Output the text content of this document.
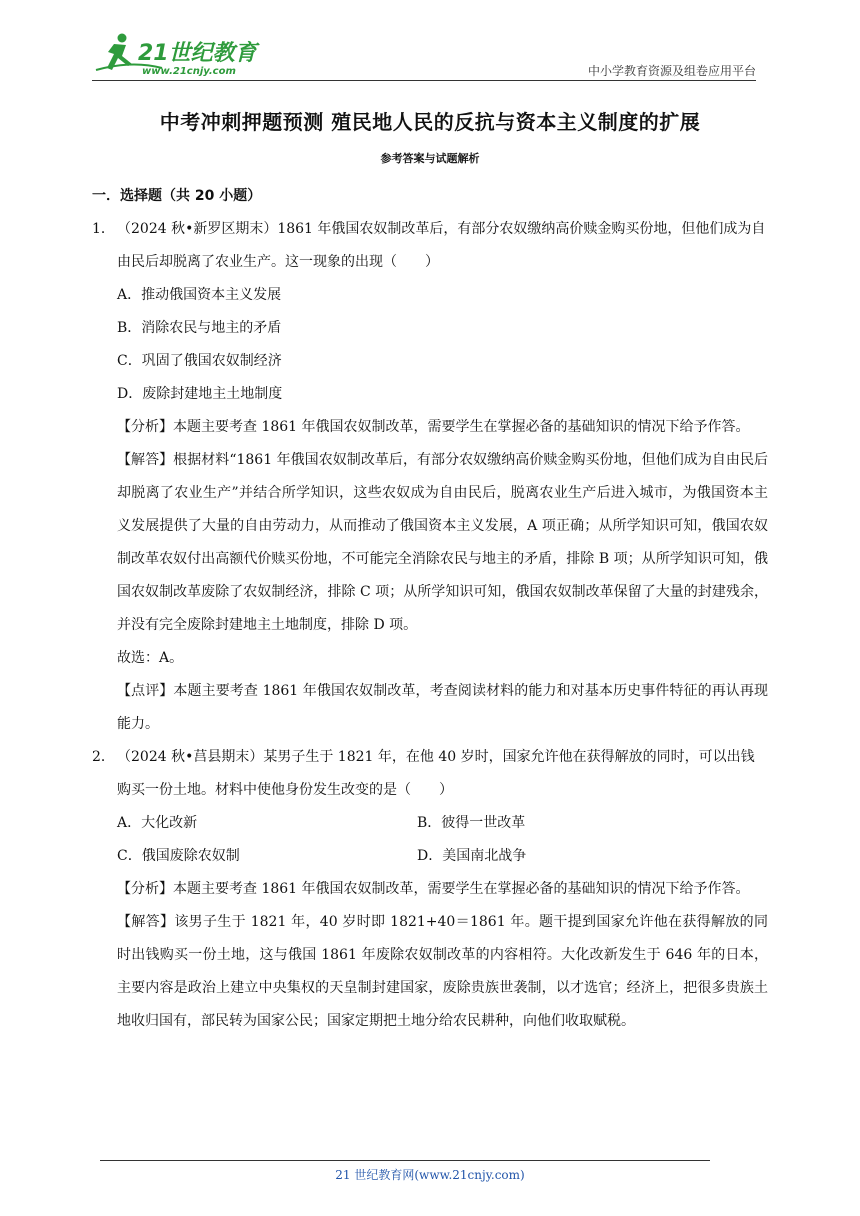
21世纪教育
www.21cnjy.com	中小学教育资源及组卷应用平台
中考冲刺押题预测 殖民地人民的反抗与资本主义制度的扩展
参考答案与试题解析
一．选择题（共 20 小题）
1． （2024 秋•新罗区期末）1861 年俄国农奴制改革后，有部分农奴缴纳高价赎金购买份地，但他们成为自由民后却脱离了农业生产。这一现象的出现（　　）
A．推动俄国资本主义发展
B．消除农民与地主的矛盾
C．巩固了俄国农奴制经济
D．废除封建地主土地制度
【分析】本题主要考查 1861 年俄国农奴制改革，需要学生在掌握必备的基础知识的情况下给予作答。
【解答】根据材料“1861 年俄国农奴制改革后，有部分农奴缴纳高价赎金购买份地，但他们成为自由民后却脱离了农业生产”并结合所学知识，这些农奴成为自由民后，脱离农业生产后进入城市，为俄国资本主义发展提供了大量的自由劳动力，从而推动了俄国资本主义发展，A 项正确；从所学知识可知，俄国农奴制改革农奴付出高额代价赎买份地，不可能完全消除农民与地主的矛盾，排除 B 项；从所学知识可知，俄国农奴制改革废除了农奴制经济，排除 C 项；从所学知识可知，俄国农奴制改革保留了大量的封建残余，并没有完全废除封建地主土地制度，排除 D 项。
故选：A。
【点评】本题主要考查 1861 年俄国农奴制改革，考查阅读材料的能力和对基本历史事件特征的再认再现能力。
2． （2024 秋•莒县期末）某男子生于 1821 年，在他 40 岁时，国家允许他在获得解放的同时，可以出钱购买一份土地。材料中使他身份发生改变的是（　　）
A．大化改新	B．彼得一世改革
C．俄国废除农奴制	D．美国南北战争
【分析】本题主要考查 1861 年俄国农奴制改革，需要学生在掌握必备的基础知识的情况下给予作答。
【解答】该男子生于 1821 年，40 岁时即 1821+40＝1861 年。题干提到国家允许他在获得解放的同时出钱购买一份土地，这与俄国 1861 年废除农奴制改革的内容相符。大化改新发生于 646 年的日本，主要内容是政治上建立中央集权的天皇制封建国家，废除贵族世袭制，以才选官；经济上，把很多贵族土地收归国有，部民转为国家公民；国家定期把土地分给农民耕种，向他们收取赋税。
21 世纪教育网(www.21cnjy.com)
